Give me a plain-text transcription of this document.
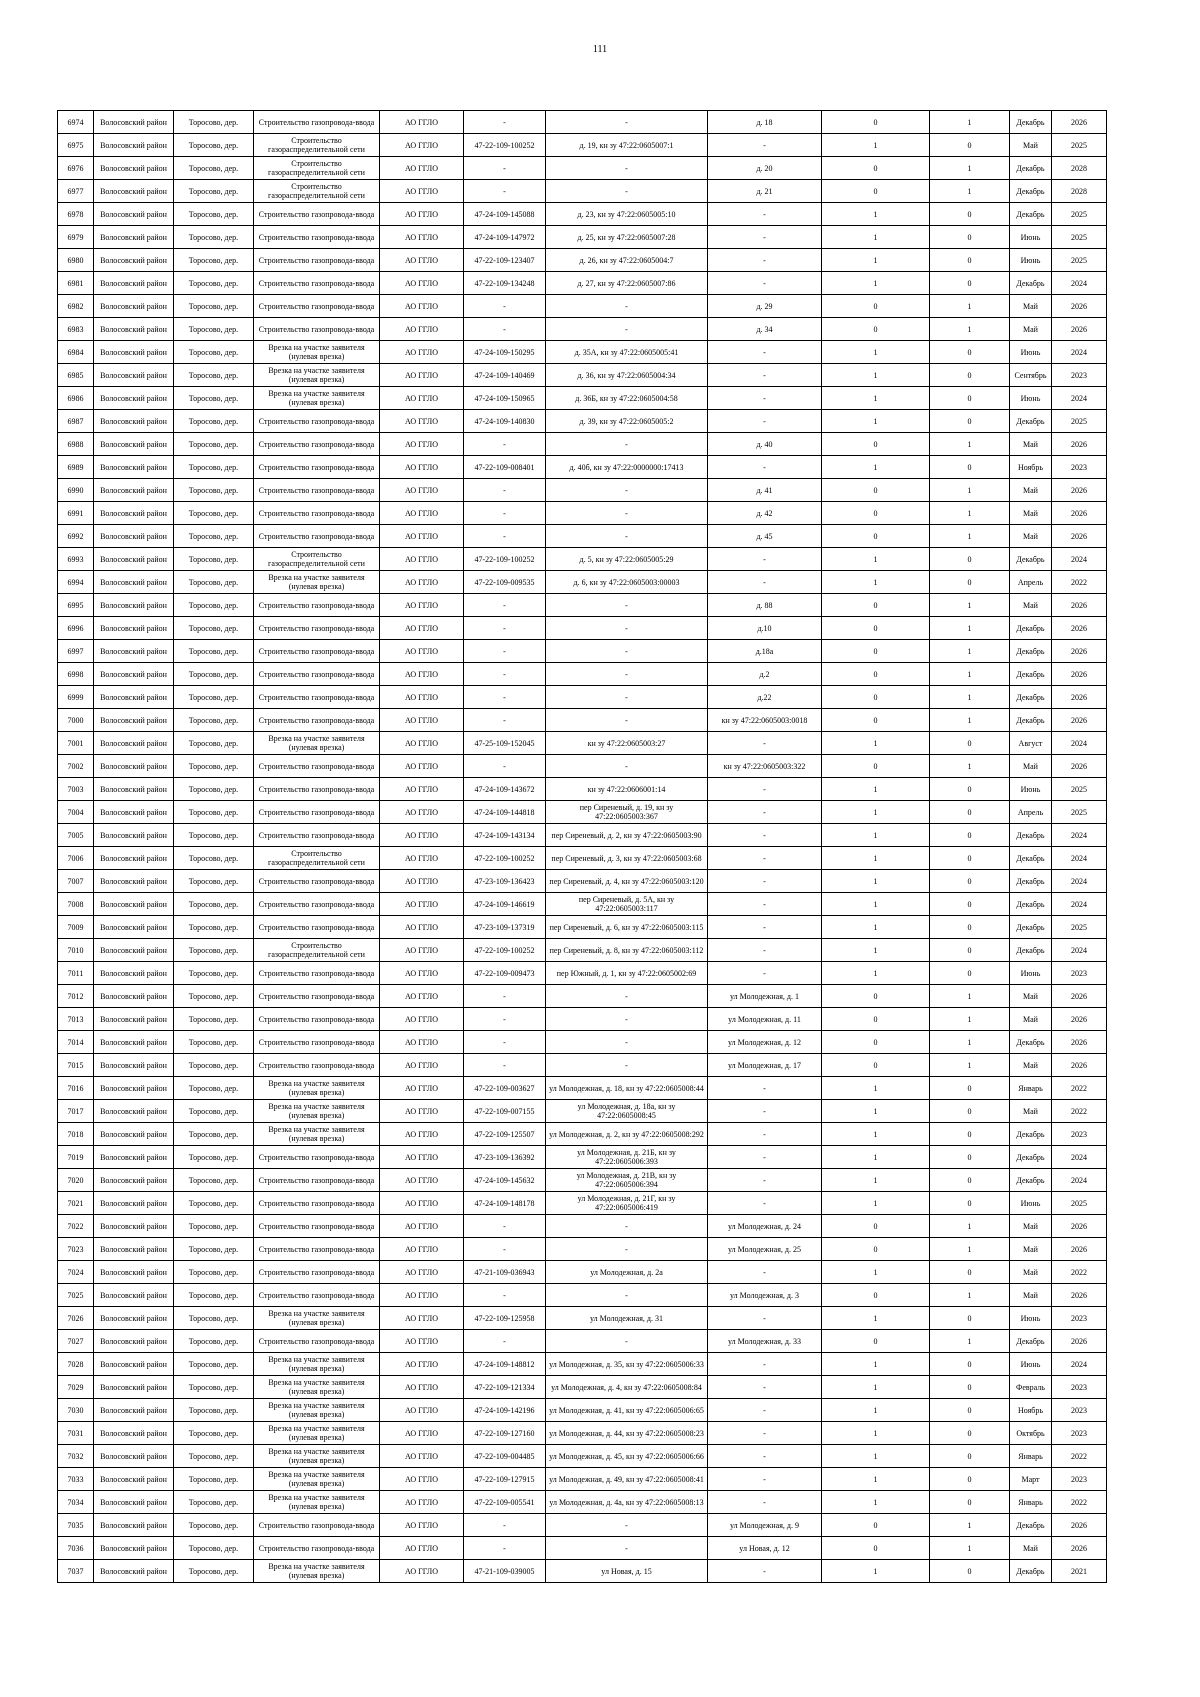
111
6974	Волосовский район	Торосово, дер.	Строительство газопровода-ввода	АО ГГЛО	-	-	д. 18	0	1	Декабрь	2026
6975	Волосовский район	Торосово, дер.	Строительство газораспределительной сети	АО ГГЛО	47-22-109-100252	д. 19, кн зу 47:22:0605007:1	-	1	0	Май	2025
6976	Волосовский район	Торосово, дер.	Строительство газораспределительной сети	АО ГГЛО	-	-	д. 20	0	1	Декабрь	2028
6977	Волосовский район	Торосово, дер.	Строительство газораспределительной сети	АО ГГЛО	-	-	д. 21	0	1	Декабрь	2028
6978	Волосовский район	Торосово, дер.	Строительство газопровода-ввода	АО ГГЛО	47-24-109-145088	д. 23, кн зу 47:22:0605005:10	-	1	0	Декабрь	2025
6979	Волосовский район	Торосово, дер.	Строительство газопровода-ввода	АО ГГЛО	47-24-109-147972	д. 25, кн зу 47:22:0605007:28	-	1	0	Июнь	2025
6980	Волосовский район	Торосово, дер.	Строительство газопровода-ввода	АО ГГЛО	47-22-109-123407	д. 26, кн зу 47:22:0605004:7	-	1	0	Июнь	2025
6981	Волосовский район	Торосово, дер.	Строительство газопровода-ввода	АО ГГЛО	47-22-109-134248	д. 27, кн зу 47:22:0605007:86	-	1	0	Декабрь	2024
6982	Волосовский район	Торосово, дер.	Строительство газопровода-ввода	АО ГГЛО	-	-	д. 29	0	1	Май	2026
6983	Волосовский район	Торосово, дер.	Строительство газопровода-ввода	АО ГГЛО	-	-	д. 34	0	1	Май	2026
6984	Волосовский район	Торосово, дер.	Врезка на участке заявителя (нулевая врезка)	АО ГГЛО	47-24-109-150295	д. 35А, кн зу 47:22:0605005:41	-	1	0	Июнь	2024
6985	Волосовский район	Торосово, дер.	Врезка на участке заявителя (нулевая врезка)	АО ГГЛО	47-24-109-140469	д. 36, кн зу 47:22:0605004:34	-	1	0	Сентябрь	2023
6986	Волосовский район	Торосово, дер.	Врезка на участке заявителя (нулевая врезка)	АО ГГЛО	47-24-109-150965	д. 36Б, кн зу 47:22:0605004:58	-	1	0	Июнь	2024
6987	Волосовский район	Торосово, дер.	Строительство газопровода-ввода	АО ГГЛО	47-24-109-140830	д. 39, кн зу 47:22:0605005:2	-	1	0	Декабрь	2025
6988	Волосовский район	Торосово, дер.	Строительство газопровода-ввода	АО ГГЛО	-	-	д. 40	0	1	Май	2026
6989	Волосовский район	Торосово, дер.	Строительство газопровода-ввода	АО ГГЛО	47-22-109-008401	д. 40б, кн зу 47:22:0000000:17413	-	1	0	Ноябрь	2023
6990	Волосовский район	Торосово, дер.	Строительство газопровода-ввода	АО ГГЛО	-	-	д. 41	0	1	Май	2026
6991	Волосовский район	Торосово, дер.	Строительство газопровода-ввода	АО ГГЛО	-	-	д. 42	0	1	Май	2026
6992	Волосовский район	Торосово, дер.	Строительство газопровода-ввода	АО ГГЛО	-	-	д. 45	0	1	Май	2026
6993	Волосовский район	Торосово, дер.	Строительство газораспределительной сети	АО ГГЛО	47-22-109-100252	д. 5, кн зу 47:22:0605005:29	-	1	0	Декабрь	2024
6994	Волосовский район	Торосово, дер.	Врезка на участке заявителя (нулевая врезка)	АО ГГЛО	47-22-109-009535	д. 6, кн зу 47:22:0605003:00003	-	1	0	Апрель	2022
6995	Волосовский район	Торосово, дер.	Строительство газопровода-ввода	АО ГГЛО	-	-	д. 88	0	1	Май	2026
6996	Волосовский район	Торосово, дер.	Строительство газопровода-ввода	АО ГГЛО	-	-	д.10	0	1	Декабрь	2026
6997	Волосовский район	Торосово, дер.	Строительство газопровода-ввода	АО ГГЛО	-	-	д.18а	0	1	Декабрь	2026
6998	Волосовский район	Торосово, дер.	Строительство газопровода-ввода	АО ГГЛО	-	-	д.2	0	1	Декабрь	2026
6999	Волосовский район	Торосово, дер.	Строительство газопровода-ввода	АО ГГЛО	-	-	д.22	0	1	Декабрь	2026
7000	Волосовский район	Торосово, дер.	Строительство газопровода-ввода	АО ГГЛО	-	-	кн зу 47:22:0605003:0018	0	1	Декабрь	2026
7001	Волосовский район	Торосово, дер.	Врезка на участке заявителя (нулевая врезка)	АО ГГЛО	47-25-109-152045	кн зу 47:22:0605003:27	-	1	0	Август	2024
7002	Волосовский район	Торосово, дер.	Строительство газопровода-ввода	АО ГГЛО	-	-	кн зу 47:22:0605003:322	0	1	Май	2026
7003	Волосовский район	Торосово, дер.	Строительство газопровода-ввода	АО ГГЛО	47-24-109-143672	кн зу 47:22:0606001:14	-	1	0	Июнь	2025
7004	Волосовский район	Торосово, дер.	Строительство газопровода-ввода	АО ГГЛО	47-24-109-144818	пер Сиреневый, д. 19, кн зу 47:22:0605003:367	-	1	0	Апрель	2025
7005	Волосовский район	Торосово, дер.	Строительство газопровода-ввода	АО ГГЛО	47-24-109-143134	пер Сиреневый, д. 2, кн зу 47:22:0605003:90	-	1	0	Декабрь	2024
7006	Волосовский район	Торосово, дер.	Строительство газораспределительной сети	АО ГГЛО	47-22-109-100252	пер Сиреневый, д. 3, кн зу 47:22:0605003:68	-	1	0	Декабрь	2024
7007	Волосовский район	Торосово, дер.	Строительство газопровода-ввода	АО ГГЛО	47-23-109-136423	пер Сиреневый, д. 4, кн зу 47:22:0605003:120	-	1	0	Декабрь	2024
7008	Волосовский район	Торосово, дер.	Строительство газопровода-ввода	АО ГГЛО	47-24-109-146619	пер Сиреневый, д. 5А, кн зу 47:22:0605003:117	-	1	0	Декабрь	2024
7009	Волосовский район	Торосово, дер.	Строительство газопровода-ввода	АО ГГЛО	47-23-109-137319	пер Сиреневый, д. 6, кн зу 47:22:0605003:115	-	1	0	Декабрь	2025
7010	Волосовский район	Торосово, дер.	Строительство газораспределительной сети	АО ГГЛО	47-22-109-100252	пер Сиреневый, д. 8, кн зу 47:22:0605003:112	-	1	0	Декабрь	2024
7011	Волосовский район	Торосово, дер.	Строительство газопровода-ввода	АО ГГЛО	47-22-109-009473	пер Южный, д. 1, кн зу 47:22:0605002:69	-	1	0	Июнь	2023
7012	Волосовский район	Торосово, дер.	Строительство газопровода-ввода	АО ГГЛО	-	-	ул Молодежная, д. 1	0	1	Май	2026
7013	Волосовский район	Торосово, дер.	Строительство газопровода-ввода	АО ГГЛО	-	-	ул Молодежная, д. 11	0	1	Май	2026
7014	Волосовский район	Торосово, дер.	Строительство газопровода-ввода	АО ГГЛО	-	-	ул Молодежная, д. 12	0	1	Декабрь	2026
7015	Волосовский район	Торосово, дер.	Строительство газопровода-ввода	АО ГГЛО	-	-	ул Молодежная, д. 17	0	1	Май	2026
7016	Волосовский район	Торосово, дер.	Врезка на участке заявителя (нулевая врезка)	АО ГГЛО	47-22-109-003627	ул Молодежная, д. 18, кн зу 47:22:0605008:44	-	1	0	Январь	2022
7017	Волосовский район	Торосово, дер.	Врезка на участке заявителя (нулевая врезка)	АО ГГЛО	47-22-109-007155	ул Молодежная, д. 18а, кн зу 47:22:0605008:45	-	1	0	Май	2022
7018	Волосовский район	Торосово, дер.	Врезка на участке заявителя (нулевая врезка)	АО ГГЛО	47-22-109-125507	ул Молодежная, д. 2, кн зу 47:22:0605008:292	-	1	0	Декабрь	2023
7019	Волосовский район	Торосово, дер.	Строительство газопровода-ввода	АО ГГЛО	47-23-109-136392	ул Молодежная, д. 21Б, кн зу 47:22:0605006:393	-	1	0	Декабрь	2024
7020	Волосовский район	Торосово, дер.	Строительство газопровода-ввода	АО ГГЛО	47-24-109-145632	ул Молодежная, д. 21В, кн зу 47:22:0605006:394	-	1	0	Декабрь	2024
7021	Волосовский район	Торосово, дер.	Строительство газопровода-ввода	АО ГГЛО	47-24-109-148178	ул Молодежная, д. 21Г, кн зу 47:22:0605006:419	-	1	0	Июнь	2025
7022	Волосовский район	Торосово, дер.	Строительство газопровода-ввода	АО ГГЛО	-	-	ул Молодежная, д. 24	0	1	Май	2026
7023	Волосовский район	Торосово, дер.	Строительство газопровода-ввода	АО ГГЛО	-	-	ул Молодежная, д. 25	0	1	Май	2026
7024	Волосовский район	Торосово, дер.	Строительство газопровода-ввода	АО ГГЛО	47-21-109-036943	ул Молодежная, д. 2а	-	1	0	Май	2022
7025	Волосовский район	Торосово, дер.	Строительство газопровода-ввода	АО ГГЛО	-	-	ул Молодежная, д. 3	0	1	Май	2026
7026	Волосовский район	Торосово, дер.	Врезка на участке заявителя (нулевая врезка)	АО ГГЛО	47-22-109-125958	ул Молодежная, д. 31	-	1	0	Июнь	2023
7027	Волосовский район	Торосово, дер.	Строительство газопровода-ввода	АО ГГЛО	-	-	ул Молодежная, д. 33	0	1	Декабрь	2026
7028	Волосовский район	Торосово, дер.	Врезка на участке заявителя (нулевая врезка)	АО ГГЛО	47-24-109-148812	ул Молодежная, д. 35, кн зу 47:22:0605006:33	-	1	0	Июнь	2024
7029	Волосовский район	Торосово, дер.	Врезка на участке заявителя (нулевая врезка)	АО ГГЛО	47-22-109-121334	ул Молодежная, д. 4, кн зу 47:22:0605008:84	-	1	0	Февраль	2023
7030	Волосовский район	Торосово, дер.	Врезка на участке заявителя (нулевая врезка)	АО ГГЛО	47-24-109-142196	ул Молодежная, д. 41, кн зу 47:22:0605006:65	-	1	0	Ноябрь	2023
7031	Волосовский район	Торосово, дер.	Врезка на участке заявителя (нулевая врезка)	АО ГГЛО	47-22-109-127160	ул Молодежная, д. 44, кн зу 47:22:0605008:23	-	1	0	Октябрь	2023
7032	Волосовский район	Торосово, дер.	Врезка на участке заявителя (нулевая врезка)	АО ГГЛО	47-22-109-004485	ул Молодежная, д. 45, кн зу 47:22:0605006:66	-	1	0	Январь	2022
7033	Волосовский район	Торосово, дер.	Врезка на участке заявителя (нулевая врезка)	АО ГГЛО	47-22-109-127915	ул Молодежная, д. 49, кн зу 47:22:0605008:41	-	1	0	Март	2023
7034	Волосовский район	Торосово, дер.	Врезка на участке заявителя (нулевая врезка)	АО ГГЛО	47-22-109-005541	ул Молодежная, д. 4а, кн зу 47:22:0605008:13	-	1	0	Январь	2022
7035	Волосовский район	Торосово, дер.	Строительство газопровода-ввода	АО ГГЛО	-	-	ул Молодежная, д. 9	0	1	Декабрь	2026
7036	Волосовский район	Торосово, дер.	Строительство газопровода-ввода	АО ГГЛО	-	-	ул Новая, д. 12	0	1	Май	2026
7037	Волосовский район	Торосово, дер.	Врезка на участке заявителя (нулевая врезка)	АО ГГЛО	47-21-109-039005	ул Новая, д. 15	-	1	0	Декабрь	2021
